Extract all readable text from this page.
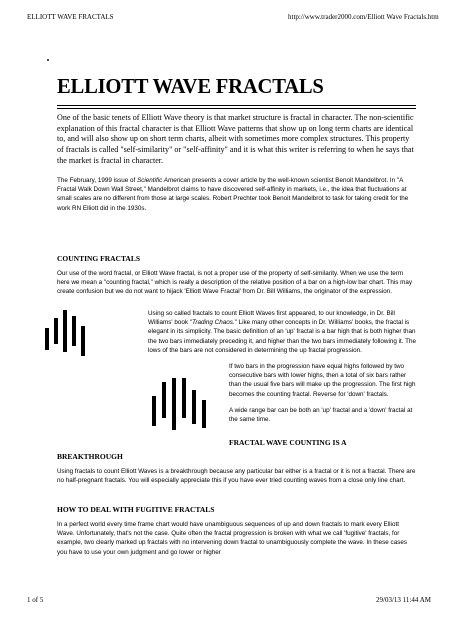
ELLIOTT WAVE FRACTALS	http://www.trader2000.com/Elliott Wave Fractals.htm
ELLIOTT WAVE FRACTALS

One of the basic tenets of Elliott Wave theory is that market structure is fractal in character. The non-scientific explanation of this fractal character is that Elliott Wave patterns that show up on long term charts are identical to, and will also show up on short term charts, albeit with sometimes more complex structures. This property of fractals is called "self-similarity" or "self-affinity" and it is what this writer is referring to when he says that the market is fractal in character.

The February, 1999 issue of Scientific American presents a cover article by the well-known scientist Benoit Mandelbrot. In "A Fractal Walk Down Wall Street," Mandelbrot claims to have discovered self-affinity in markets, i.e., the idea that fluctuations at small scales are no different from those at large scales. Robert Prechter took Benoit Mandelbrot to task for taking credit for the work RN Elliott did in the 1930s.

COUNTING FRACTALS

Our use of the word fractal, or Elliott Wave fractal, is not a proper use of the property of self-similarity. When we use the term here we mean a "counting fractal," which is really a description of the relative position of a bar on a high-low bar chart. This may create confusion but we do not want to hijack 'Elliott Wave Fractal' from Dr. Bill Williams, the originator of the expression.

Using so called fractals to count Elliott Waves first appeared, to our knowledge, in Dr. Bill Williams' book "Trading Chaos." Like many other concepts in Dr. Williams' books, the fractal is elegant in its simplicity. The basic definition of an 'up' fractal is a bar high that is both higher than the two bars immediately preceding it, and higher than the two bars immediately following it. The lows of the bars are not considered in determining the up fractal progression.

If two bars in the progression have equal highs followed by two consecutive bars with lower highs, then a total of six bars rather than the usual five bars will make up the progression. The first high becomes the counting fractal. Reverse for 'down' fractals.

A wide range bar can be both an 'up' fractal and a 'down' fractal at the same time.

FRACTAL WAVE COUNTING IS A
BREAKTHROUGH

Using fractals to count Elliott Waves is a breakthrough because any particular bar either is a fractal or it is not a fractal. There are no half-pregnant fractals. You will especially appreciate this if you have ever tried counting waves from a close only line chart.

HOW TO DEAL WITH FUGITIVE FRACTALS

In a perfect world every time frame chart would have unambiguous sequences of up and down fractals to mark every Elliott Wave. Unfortunately, that's not the case. Quite often the fractal progression is broken with what we call 'fugitive' fractals, for example, two clearly marked up fractals with no intervening down fractal to unambiguously complete the wave. In these cases you have to use your own judgment and go lower or higher

1 of 5	29/03/13 11:44 AM
